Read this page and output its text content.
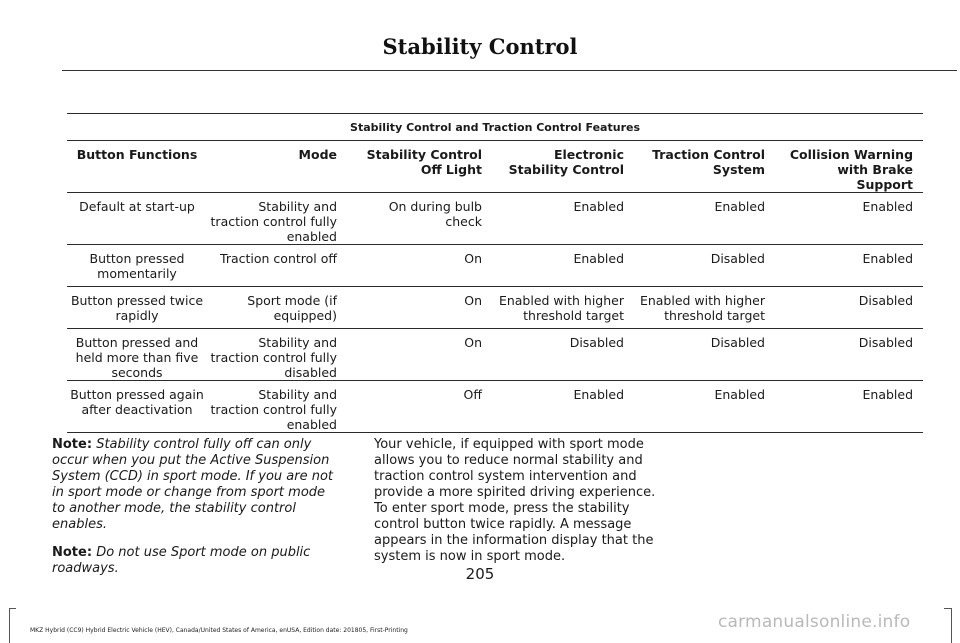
Stability Control
Stability Control and Traction Control Features					
Button Functions	Mode	Stability Control Off Light	Electronic Stability Control	Traction Control System	Collision Warning with Brake Support
Default at start-up	Stability and traction control fully enabled	On during bulb check	Enabled	Enabled	Enabled
Button pressed momentarily	Traction control off	On	Enabled	Disabled	Enabled
Button pressed twice rapidly	Sport mode (if equipped)	On	Enabled with higher threshold target	Enabled with higher threshold target	Disabled
Button pressed and held more than five seconds	Stability and traction control fully disabled	On	Disabled	Disabled	Disabled
Button pressed again after deactivation	Stability and traction control fully enabled	Off	Enabled	Enabled	Enabled

Note: Stability control fully off can only occur when you put the Active Suspension System (CCD) in sport mode. If you are not in sport mode or change from sport mode to another mode, the stability control enables.

Note: Do not use Sport mode on public roadways.

Your vehicle, if equipped with sport mode allows you to reduce normal stability and traction control system intervention and provide a more spirited driving experience. To enter sport mode, press the stability control button twice rapidly. A message appears in the information display that the system is now in sport mode.

205
MKZ Hybrid (CC9) Hybrid Electric Vehicle (HEV), Canada/United States of America, enUSA, Edition date: 201805, First-Printing	carmanualsonline.info
